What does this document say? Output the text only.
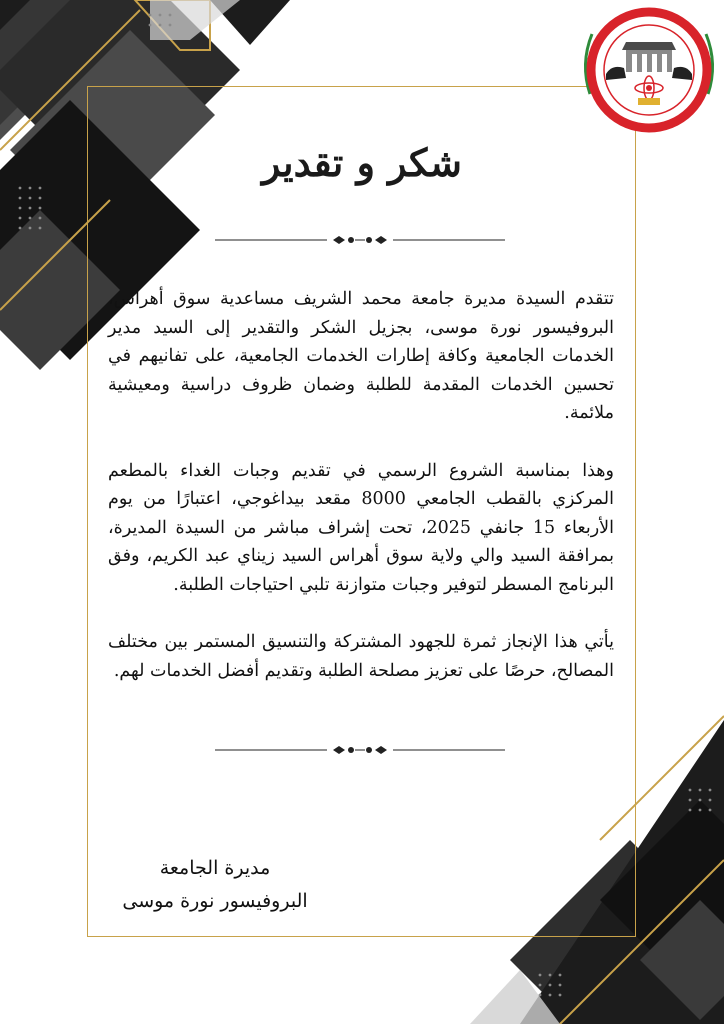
شكر و تقدير

تتقدم السيدة مديرة جامعة محمد الشريف مساعدية سوق أهراس، البروفيسور نورة موسى، بجزيل الشكر والتقدير إلى السيد مدير الخدمات الجامعية وكافة إطارات الخدمات الجامعية، على تفانيهم في تحسين الخدمات المقدمة للطلبة وضمان ظروف دراسية ومعيشية ملائمة.

وهذا بمناسبة الشروع الرسمي في تقديم وجبات الغداء بالمطعم المركزي بالقطب الجامعي 8000 مقعد بيداغوجي، اعتبارًا من يوم الأربعاء 15 جانفي 2025، تحت إشراف مباشر من السيدة المديرة، بمرافقة السيد والي ولاية سوق أهراس السيد زيناي عبد الكريم، وفق البرنامج المسطر لتوفير وجبات متوازنة تلبي احتياجات الطلبة.

يأتي هذا الإنجاز ثمرة للجهود المشتركة والتنسيق المستمر بين مختلف المصالح، حرصًا على تعزيز مصلحة الطلبة وتقديم أفضل الخدمات لهم.

مديرة الجامعة
البروفيسور نورة موسى
